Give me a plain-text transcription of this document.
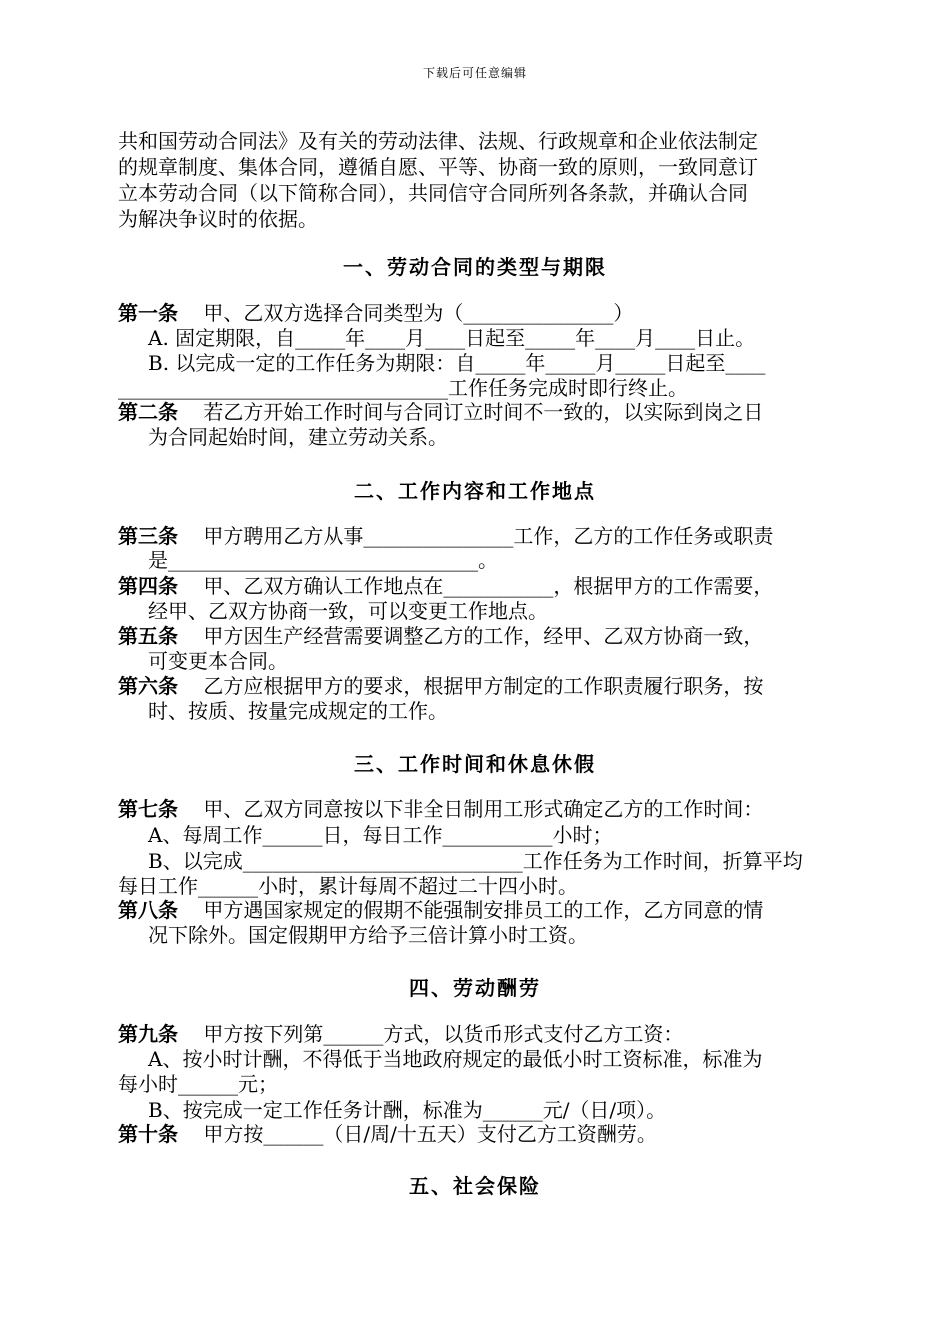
下载后可任意编辑
共和国劳动合同法》及有关的劳动法律、法规、行政规章和企业依法制定
的规章制度、集体合同，遵循自愿、平等、协商一致的原则，一致同意订
立本劳动合同（以下简称合同），共同信守合同所列各条款，并确认合同
为解决争议时的依据。
一、劳动合同的类型与期限
第一条    甲、乙双方选择合同类型为（_______________）
A. 固定期限，自_____年____月____日起至_____年____月____日止。
B. 以完成一定的工作任务为期限：自_____年_____月_____日起至____
_________________________________工作任务完成时即行终止。
第二条    若乙方开始工作时间与合同订立时间不一致的，以实际到岗之日
为合同起始时间，建立劳动关系。
二、工作内容和工作地点
第三条    甲方聘用乙方从事_______________工作，乙方的工作任务或职责
是_______________________________。
第四条    甲、乙双方确认工作地点在___________，根据甲方的工作需要，
经甲、乙双方协商一致，可以变更工作地点。
第五条    甲方因生产经营需要调整乙方的工作，经甲、乙双方协商一致，
可变更本合同。
第六条    乙方应根据甲方的要求，根据甲方制定的工作职责履行职务，按
时、按质、按量完成规定的工作。
三、工作时间和休息休假
第七条    甲、乙双方同意按以下非全日制用工形式确定乙方的工作时间：
A、每周工作______日，每日工作___________小时；
B、以完成____________________________工作任务为工作时间，折算平均
每日工作______小时，累计每周不超过二十四小时。
第八条    甲方遇国家规定的假期不能强制安排员工的工作，乙方同意的情
况下除外。国定假期甲方给予三倍计算小时工资。
四、劳动酬劳
第九条    甲方按下列第______方式，以货币形式支付乙方工资：
A、按小时计酬，不得低于当地政府规定的最低小时工资标准，标准为
每小时______元；
B、按完成一定工作任务计酬，标准为______元/（日/项）。
第十条    甲方按______（日/周/十五天）支付乙方工资酬劳。
五、社会保险
